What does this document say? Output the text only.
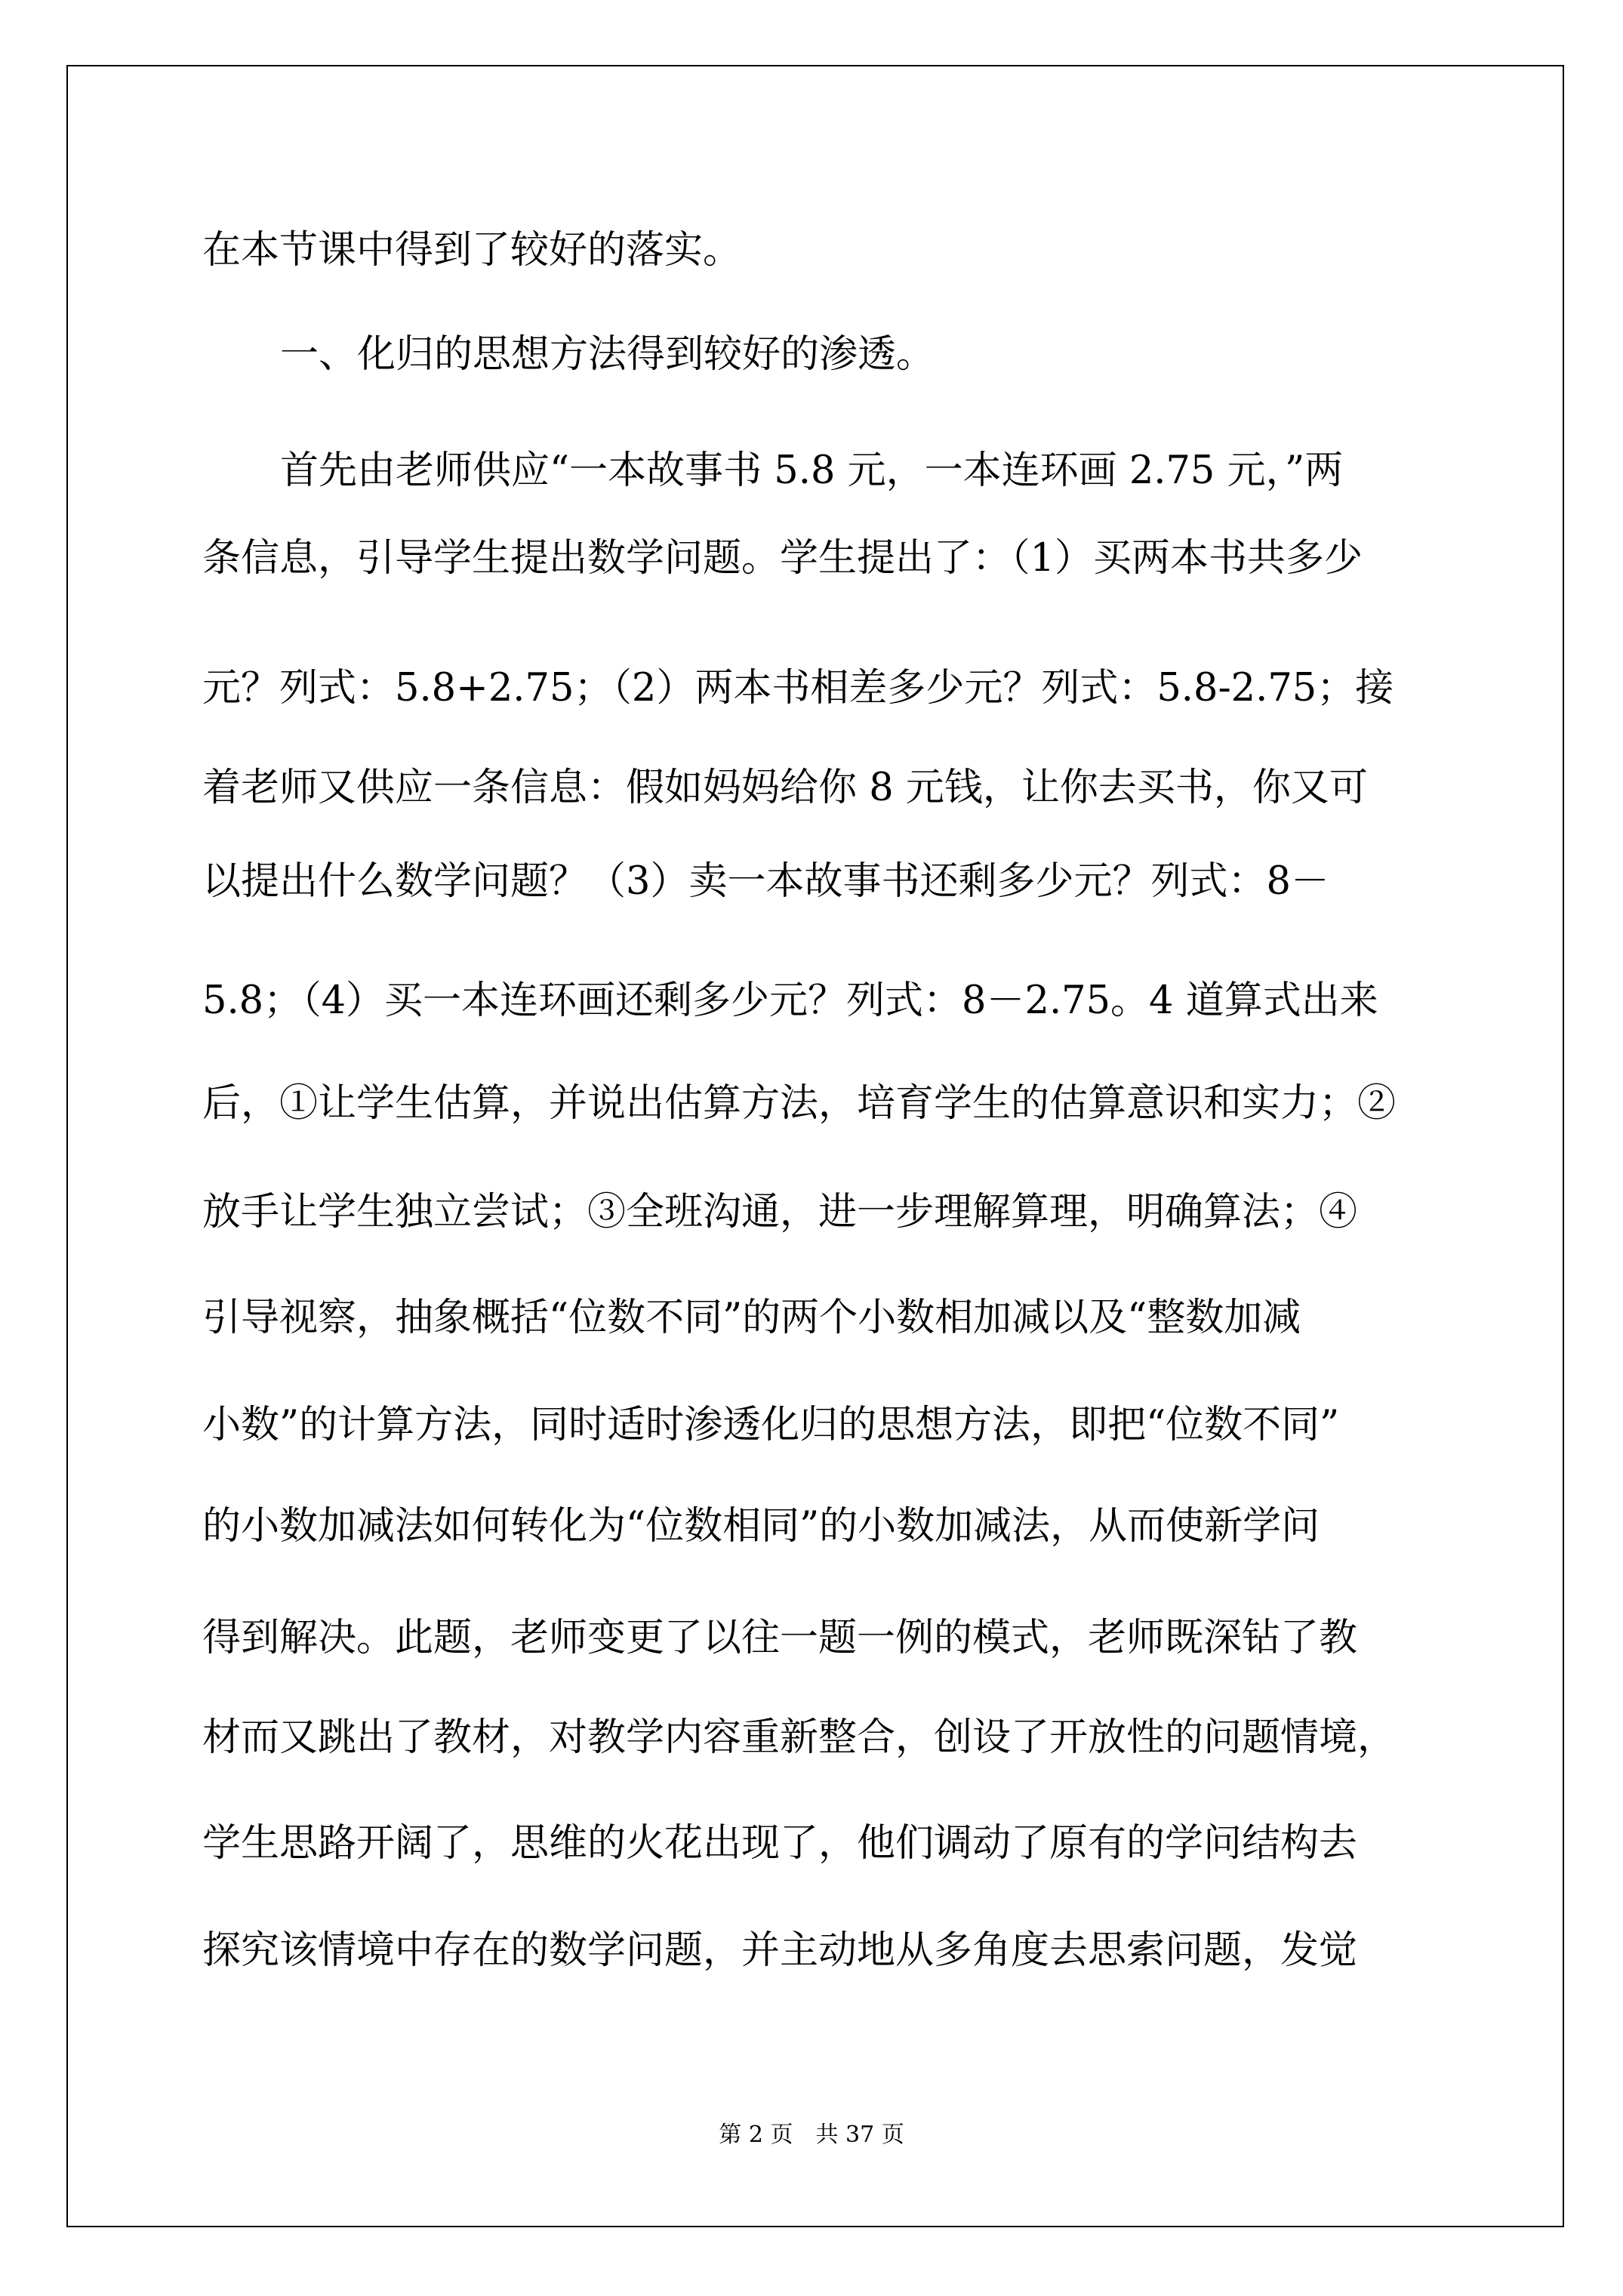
在本节课中得到了较好的落实。

一、化归的思想方法得到较好的渗透。

首先由老师供应“一本故事书 5.8 元，一本连环画 2.75 元，”两

条信息，引导学生提出数学问题。学生提出了：（1）买两本书共多少

元？列式：5.8+2.75；（2）两本书相差多少元？列式：5.8-2.75；接

着老师又供应一条信息：假如妈妈给你 8 元钱，让你去买书，你又可

以提出什么数学问题？（3）卖一本故事书还剩多少元？列式：8－

5.8；（4）买一本连环画还剩多少元？列式：8－2.75。4 道算式出来

后，①让学生估算，并说出估算方法，培育学生的估算意识和实力；②

放手让学生独立尝试；③全班沟通，进一步理解算理，明确算法；④

引导视察，抽象概括“位数不同”的两个小数相加减以及“整数加减

小数”的计算方法，同时适时渗透化归的思想方法，即把“位数不同”

的小数加减法如何转化为“位数相同”的小数加减法，从而使新学问

得到解决。此题，老师变更了以往一题一例的模式，老师既深钻了教

材而又跳出了教材，对教学内容重新整合，创设了开放性的问题情境，

学生思路开阔了，思维的火花出现了，他们调动了原有的学问结构去

探究该情境中存在的数学问题，并主动地从多角度去思索问题，发觉

第 2 页　共 37 页
